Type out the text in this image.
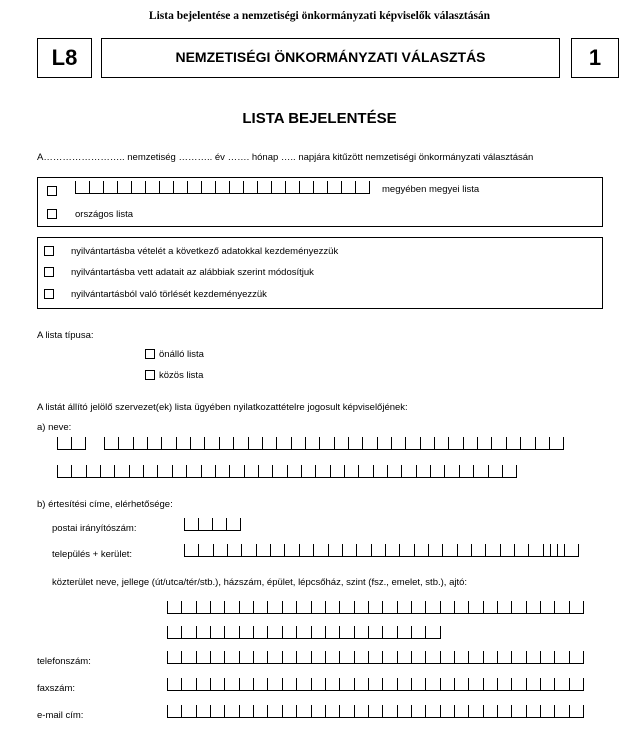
Lista bejelentése a nemzetiségi önkormányzati képviselők választásán
L8	NEMZETISÉGI ÖNKORMÁNYZATI VÁLASZTÁS	1
LISTA BEJELENTÉSE
A…………………….. nemzetiség ……….. év ……. hónap ….. napjára kitűzött nemzetiségi önkormányzati választásán
megyében megyei lista
országos lista
nyilvántartásba vételét a következő adatokkal kezdeményezzük
nyilvántartásba vett adatait az alábbiak szerint módosítjuk
nyilvántartásból való törlését kezdeményezzük
A lista típusa:
önálló lista
közös lista
A listát állító jelölő szervezet(ek) lista ügyében nyilatkozattételre jogosult képviselőjének:
a) neve:
b) értesítési címe, elérhetősége:
postai irányítószám:
település + kerület:
közterület neve, jellege (út/utca/tér/stb.), házszám, épület, lépcsőház, szint (fsz., emelet, stb.), ajtó:
telefonszám:
faxszám:
e-mail cím:
